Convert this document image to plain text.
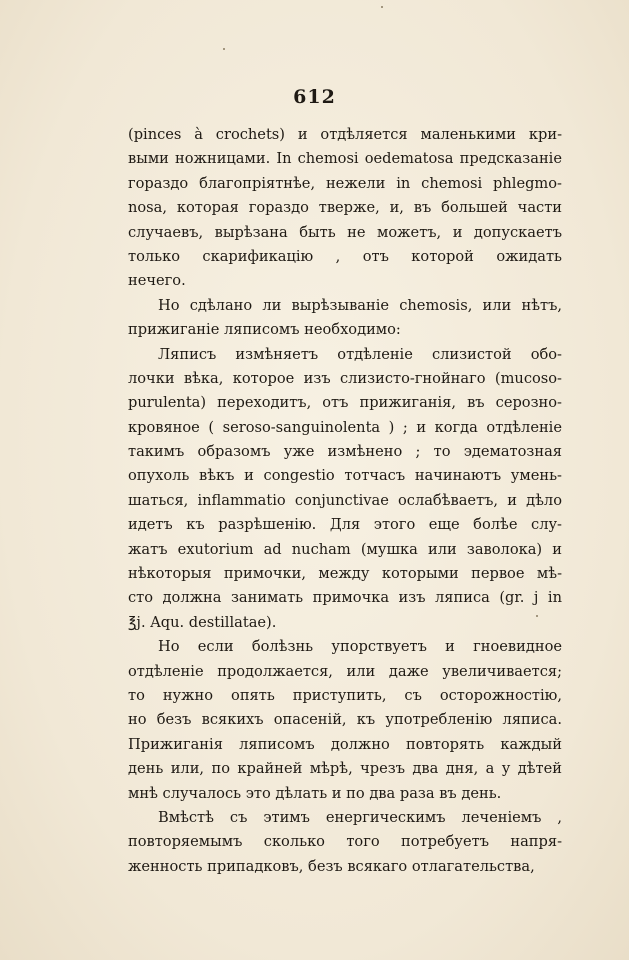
612
(pinces à crochets) и отдѣляется маленькими кри-
выми ножницами. In chemosi oedematosa предсказаніе
гораздо благопріятнѣе, нежели in chemosi phlegmo-
nosa, которая гораздо тверже, и, въ большей части
случаевъ, вырѣзана быть не можетъ, и допускаетъ
только скарификацію , отъ которой ожидать
нечего.
Но сдѣлано ли вырѣзываніе chemosis, или нѣтъ,
прижиганіе ляписомъ необходимо:
Ляписъ измѣняетъ отдѣленіе слизистой обо-
лочки вѣка, которое изъ слизисто-гнойнаго (mucoso-
purulenta) переходитъ, отъ прижиганія, въ серозно-
кровяное ( seroso-sanguinolenta ) ; и когда отдѣленіе
такимъ образомъ уже измѣнено ; то эдематозная
опухоль вѣкъ и congestio тотчасъ начинаютъ умень-
шаться, inflammatio conjunctivae ослабѣваетъ, и дѣло
идетъ къ разрѣшенію. Для этого еще болѣе слу-
жатъ exutorium ad nucham (мушка или заволока) и
нѣкоторыя примочки, между которыми первое мѣ-
сто должна занимать примочка изъ ляписа (gr. j in
℥j. Aqu. destillatae).
Но если болѣзнь упорствуетъ и гноевидное
отдѣленіе продолжается, или даже увеличивается;
то нужно опять приступить, съ осторожностію,
но безъ всякихъ опасеній, къ употребленію ляписа.
Прижиганія ляписомъ должно повторять каждый
день или, по крайней мѣрѣ, чрезъ два дня, а у дѣтей
мнѣ случалось это дѣлать и по два раза въ день.
Вмѣстѣ съ этимъ енергическимъ леченіемъ ,
повторяемымъ сколько того потребуетъ напря-
женность припадковъ, безъ всякаго отлагательства,
